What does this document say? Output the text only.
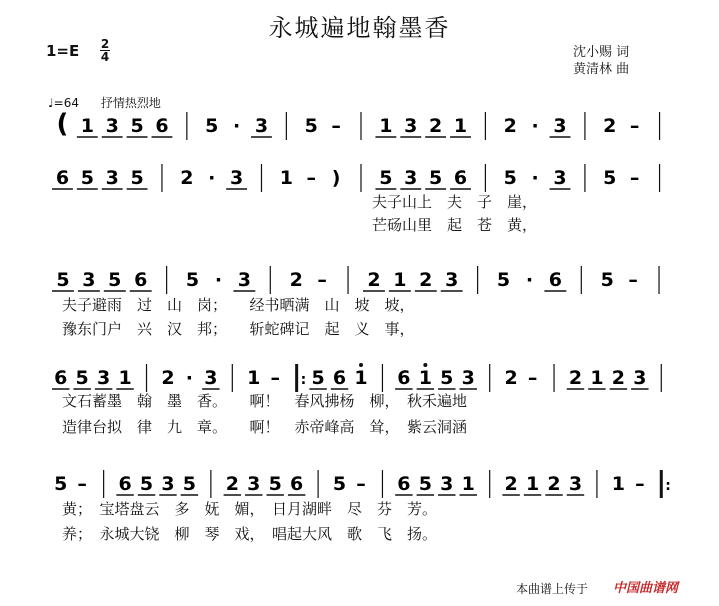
永城遍地翰墨香
1=E 2
4	沈小赐 词
黄清林 曲
♩=64 抒情热烈地
( 1 3 5 6 5 · 3 5 – 1 3 2 1 2 · 3 2 –
6 5 3 5 2 · 3 1 – ) 5 3 5 6 5 · 3 5 –
5 3 5 6 5 · 3 2 – 2 1 2 3 5 · 6 5 –
6 5 3 1 2 · 3 1 – : 5 6 1 6 1 5 3 2 – 2 1 2 3
5 – 6 5 3 5 2 3 5 6 5 – 6 5 3 1 2 1 2 3 1 – :
夫子山上　夫　子　崖，
芒砀山里　起　苍　黄，
夫子避雨　过　山　岗；　　经书晒满　山　坡　坡，
豫东门户　兴　汉　邦；　　斩蛇碑记　起　义　事，
文石蓄墨　翰　墨　香。　　啊！　春风拂杨　柳，　秋禾遍地
造律台拟　律　九　章。　　啊！　赤帝峰高　耸，　紫云洞涵
黄；　宝塔盘云　多　妩　媚，　日月湖畔　尽　芬　芳。
养；　永城大铙　柳　琴　戏，　唱起大风　歌　飞　扬。
本曲谱上传于 中国曲谱网
